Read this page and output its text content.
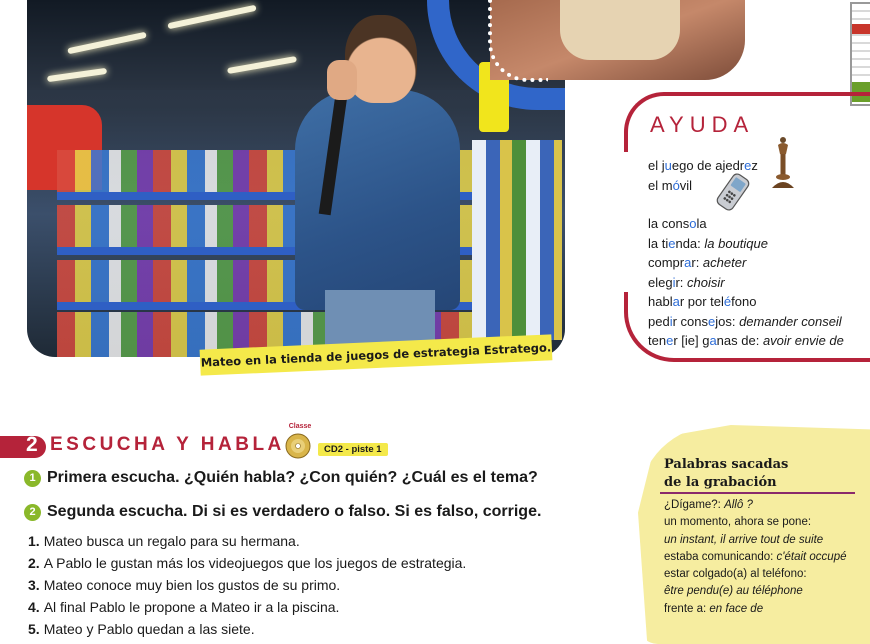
Mateo en la tienda de juegos de estrategia Estratego.
AYUDA
el juego de ajedrez
el móvil
la consola
la tienda: la boutique
comprar: acheter
elegir: choisir
hablar por teléfono
pedir consejos: demander conseil
tener [ie] ganas de: avoir envie de
2 ESCUCHA Y HABLA
Classe
CD2 - piste 1
1 Primera escucha. ¿Quién habla? ¿Con quién? ¿Cuál es el tema?
2 Segunda escucha. Di si es verdadero o falso. Si es falso, corrige.
1. Mateo busca un regalo para su hermana.
2. A Pablo le gustan más los videojuegos que los juegos de estrategia.
3. Mateo conoce muy bien los gustos de su primo.
4. Al final Pablo le propone a Mateo ir a la piscina.
5. Mateo y Pablo quedan a las siete.
Palabras sacadas
de la grabación
¿Dígame?: Allô ?
un momento, ahora se pone:
un instant, il arrive tout de suite
estaba comunicando: c'était occupé
estar colgado(a) al teléfono:
être pendu(e) au téléphone
frente a: en face de
